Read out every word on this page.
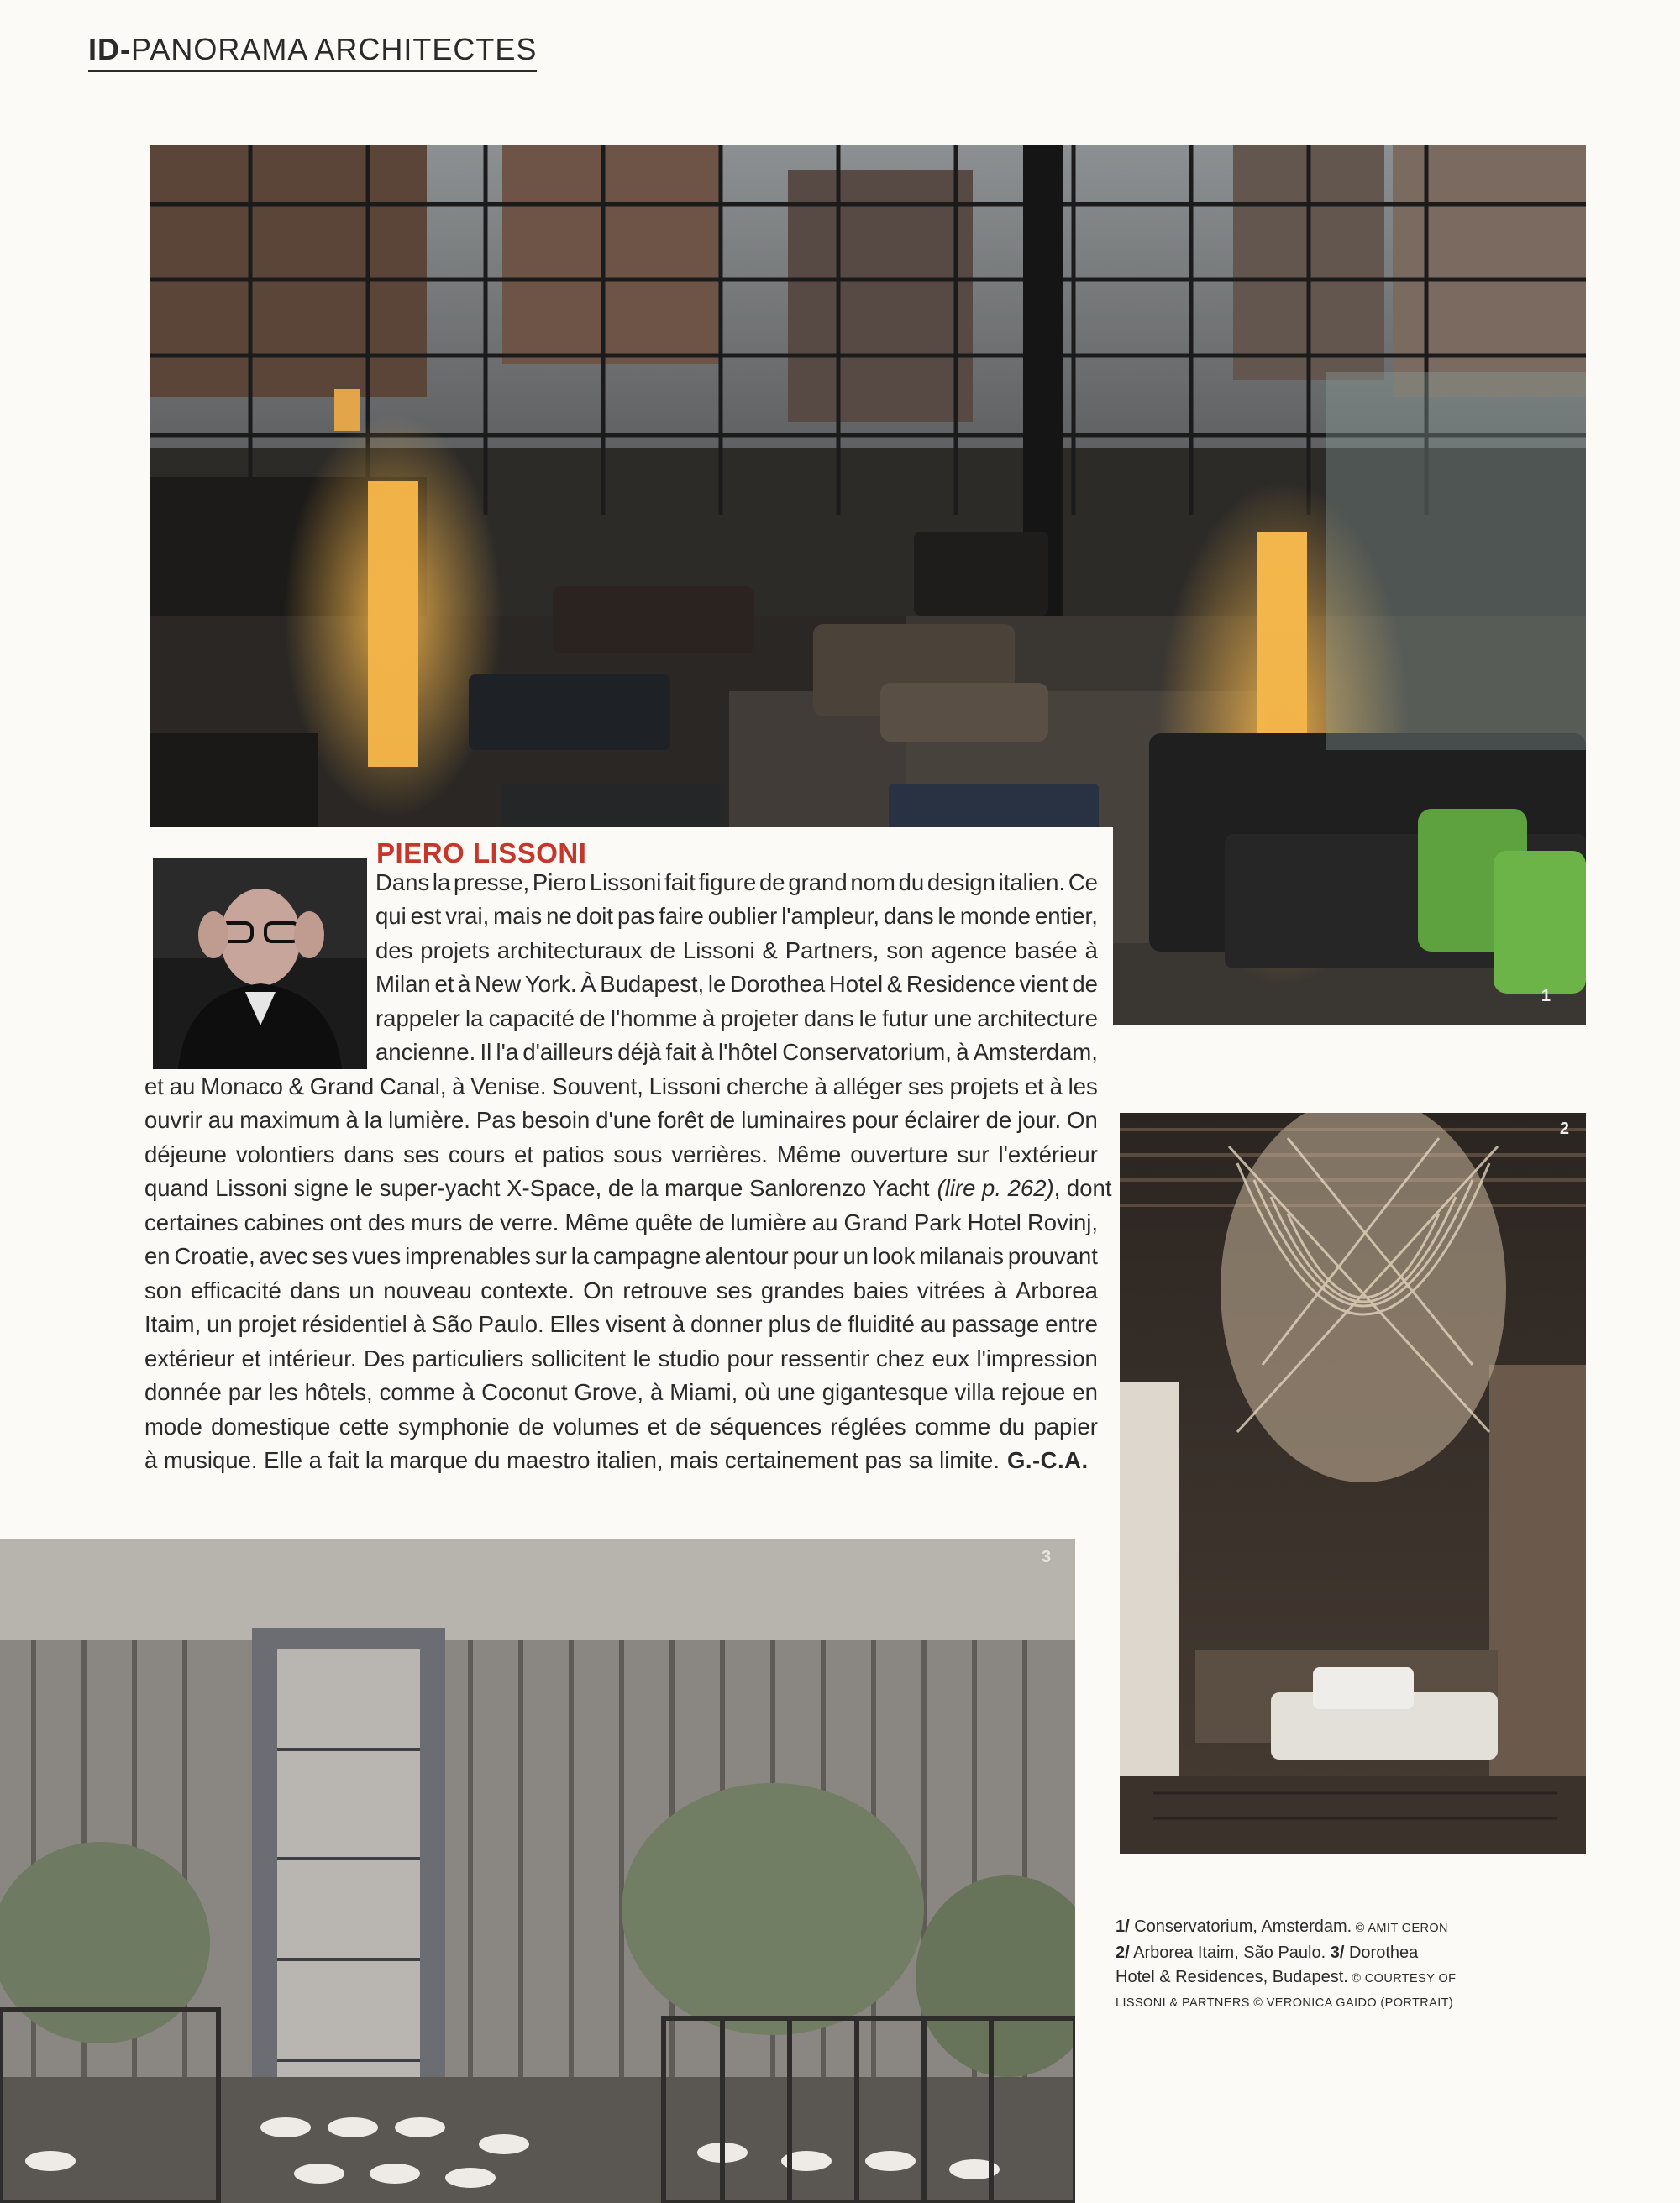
ID-PANORAMA ARCHITECTES
1
PIERO LISSONI
Dans la presse, Piero Lissoni fait figure de grand nom du design italien. Ce
qui est vrai, mais ne doit pas faire oublier l'ampleur, dans le monde entier,
des projets architecturaux de Lissoni & Partners, son agence basée à
Milan et à New York. À Budapest, le Dorothea Hotel & Residence vient de
rappeler la capacité de l'homme à projeter dans le futur une architecture
ancienne. Il l'a d'ailleurs déjà fait à l'hôtel Conservatorium, à Amsterdam,
et au Monaco & Grand Canal, à Venise. Souvent, Lissoni cherche à alléger ses projets et à les
ouvrir au maximum à la lumière. Pas besoin d'une forêt de luminaires pour éclairer de jour. On
déjeune volontiers dans ses cours et patios sous verrières. Même ouverture sur l'extérieur
quand Lissoni signe le super-yacht X-Space, de la marque Sanlorenzo Yacht (lire p. 262), dont
certaines cabines ont des murs de verre. Même quête de lumière au Grand Park Hotel Rovinj,
en Croatie, avec ses vues imprenables sur la campagne alentour pour un look milanais prouvant
son efficacité dans un nouveau contexte. On retrouve ses grandes baies vitrées à Arborea
Itaim, un projet résidentiel à São Paulo. Elles visent à donner plus de fluidité au passage entre
extérieur et intérieur. Des particuliers sollicitent le studio pour ressentir chez eux l'impression
donnée par les hôtels, comme à Coconut Grove, à Miami, où une gigantesque villa rejoue en
mode domestique cette symphonie de volumes et de séquences réglées comme du papier
à musique. Elle a fait la marque du maestro italien, mais certainement pas sa limite. G.-C.A.
2
3
1/ Conservatorium, Amsterdam. © AMIT GERON
2/ Arborea Itaim, São Paulo. 3/ Dorothea
Hotel & Residences, Budapest. © COURTESY OF
LISSONI & PARTNERS © VERONICA GAIDO (PORTRAIT)
